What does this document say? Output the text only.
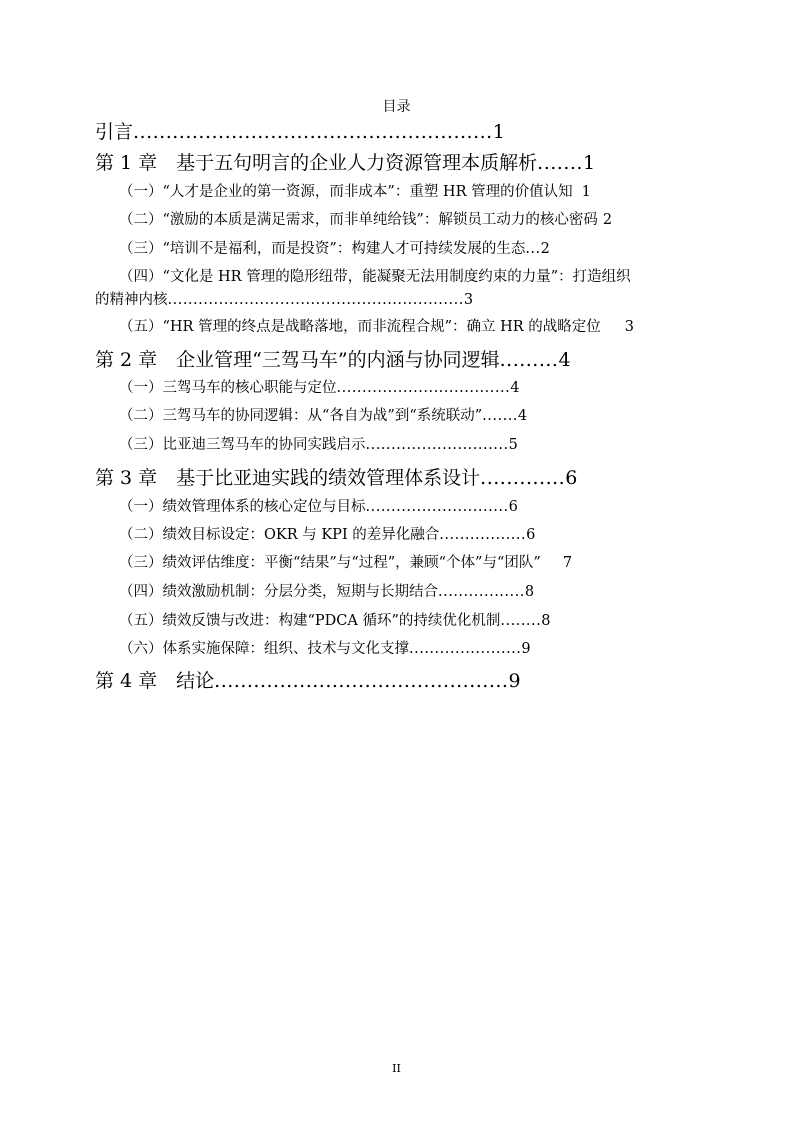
目录
引言 ....................................................... 1
第 1 章　基于五句明言的企业人力资源管理本质解析 ....... 1
（一）“人才是企业的第一资源，而非成本”：重塑 HR 管理的价值认知 1
（二）“激励的本质是满足需求，而非单纯给钱”：解锁员工动力的核心密码 2
（三）“培训不是福利，而是投资”：构建人才可持续发展的生态 ... 2
（四）“文化是 HR 管理的隐形纽带，能凝聚无法用制度约束的力量”：打造组织
的精神内核 .......................................................... 3
（五）“HR 管理的终点是战略落地，而非流程合规”：确立 HR 的战略定位 3
第 2 章　企业管理“三驾马车”的内涵与协同逻辑 ......... 4
（一）三驾马车的核心职能与定位 .................................. 4
（二）三驾马车的协同逻辑：从“各自为战”到“系统联动” ....... 4
（三）比亚迪三驾马车的协同实践启示 ............................ 5
第 3 章　基于比亚迪实践的绩效管理体系设计 ............. 6
（一）绩效管理体系的核心定位与目标 ............................ 6
（二）绩效目标设定：OKR 与 KPI 的差异化融合 ................. 6
（三）绩效评估维度：平衡“结果”与“过程”，兼顾“个体”与“团队” 7
（四）绩效激励机制：分层分类，短期与长期结合 ................. 8
（五）绩效反馈与改进：构建“PDCA 循环”的持续优化机制 ........ 8
（六）体系实施保障：组织、技术与文化支撑 ...................... 9
第 4 章　结论 ............................................. 9
II
